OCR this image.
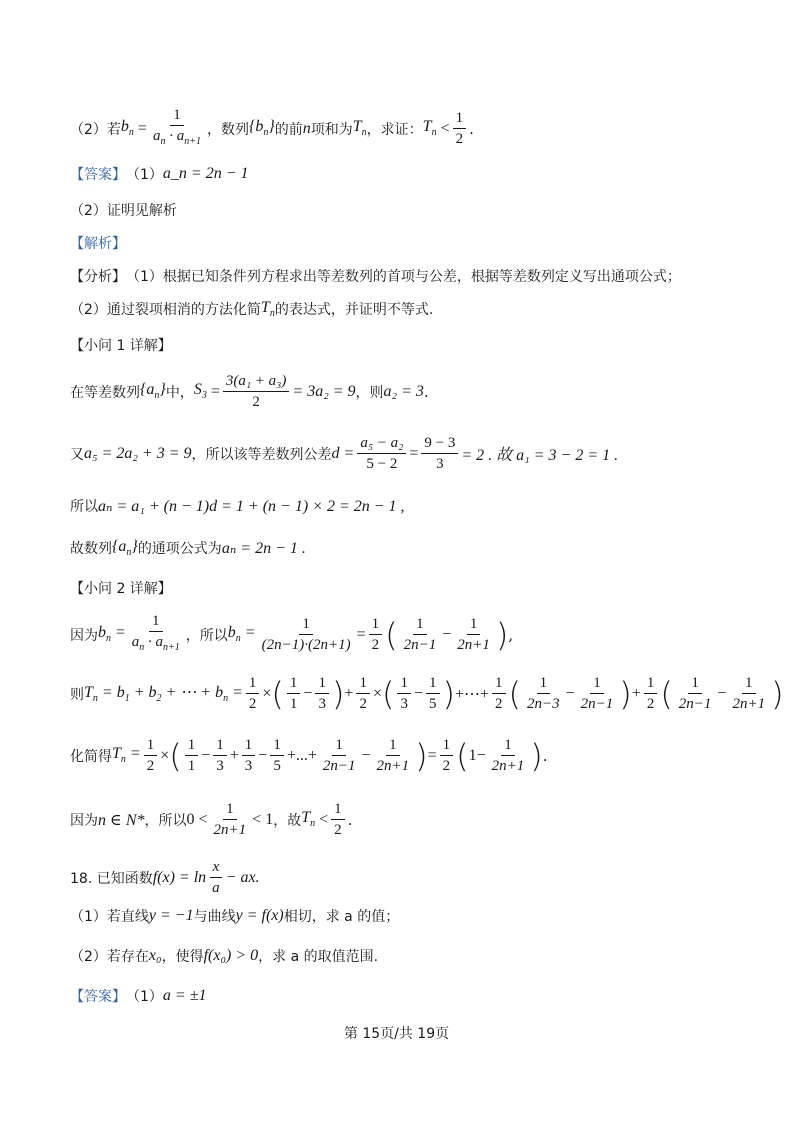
（2）若 $b_n = \frac{1}{a_n \cdot a_{n+1}}$ ，数列 $\{b_n\}$ 的前 n 项和为 $T_n$ ，求证： $T_n < \frac{1}{2}$ .
【答案】 （1） a_n = 2n − 1
（2）证明见解析
【解析】
【分析】 （1）根据已知条件列方程求出等差数列的首项与公差，根据等差数列定义写出通项公式；
（2）通过裂项相消的方法化简 $T_n$ 的表达式，并证明不等式.
【小问 1 详解】
在等差数列 $\{a_n\}$ 中， $S_3 = \frac{\text{3(a₁ + a₃)}}{2} = 3a_2 = 9$ ，则 a₂ = 3 .
又 a₅ = 2a₂ + 3 = 9 ，所以该等差数列公差 $d = \frac{\text{a₅ − a₂}}{5 - 2} = \frac{9 - 3}{3} = 2$ . 故 a₁ = 3 − 2 = 1 .
所以 aₙ = a₁ + (n − 1)d = 1 + (n − 1) × 2 = 2n − 1 ,
故数列 $\{a_n\}$ 的通项公式为 aₙ = 2n − 1 .
【小问 2 详解】
因为 $b_n = \frac{1}{a_n \cdot a_{n+1}}$ ，所以 $b_n = \frac{1}{(2n-1)\cdot(2n+1)} = \frac{1}{2}$ ( $\frac{1}{2n-1} - \frac{1}{2n+1}$ ) ,
则 $T_n = b_1 + b_2$ + ⋯ + $b_n = \frac{1}{2}$ × ( $\frac{1}{1} - \frac{1}{3}$ ) + $\frac{1}{2}$ × ( $\frac{1}{3} - \frac{1}{5}$ ) +⋯+ $\frac{1}{2}$ ( $\frac{1}{2n-3} - \frac{1}{2n-1}$ ) + $\frac{1}{2}$ ( $\frac{1}{2n-1} - \frac{1}{2n+1}$ )
化简得 $T_n = \frac{1}{2}$ × ( $\frac{1}{1} - \frac{1}{3} + \frac{1}{3} - \frac{1}{5}$ +...+ $\frac{1}{2n-1} - \frac{1}{2n+1}$ ) = $\frac{1}{2}$ ( $1- \frac{1}{2n+1}$ ) .
因为 n ∈ N* ，所以 $0 < \frac{1}{2n+1} < 1$ ，故 $T_n < \frac{1}{2}$ .
18. 已知函数 $f(x) = \ln \frac{x}{a}$ − ax.
（1）若直线 y = −1 与曲线 y = f(x) 相切，求 a 的值；
（2）若存在 x₀ ，使得 f(x₀) > 0 ，求 a 的取值范围.
【答案】 （1） a = ±1
第 15页/共 19页
